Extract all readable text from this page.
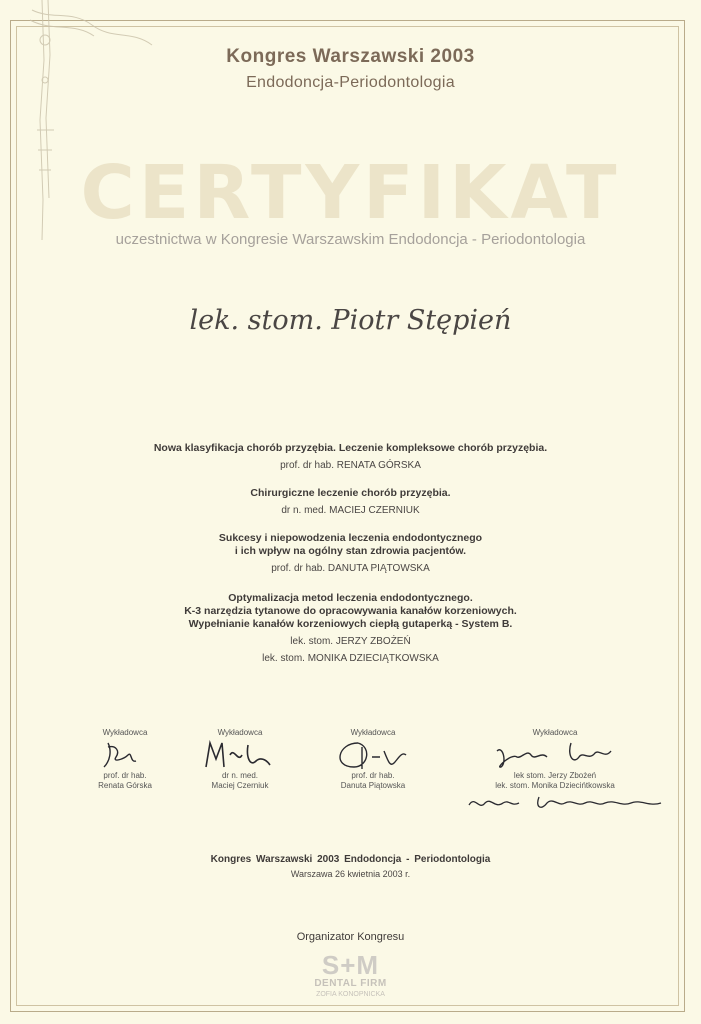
Kongres Warszawski 2003
Endodoncja-Periodontologia
CERTYFIKAT
uczestnictwa w Kongresie Warszawskim Endodoncja - Periodontologia
lek. stom. Piotr Stępień
Nowa klasyfikacja chorób przyzębia. Leczenie kompleksowe chorób przyzębia.
prof. dr hab. RENATA GÓRSKA
Chirurgiczne leczenie chorób przyzębia.
dr n. med. MACIEJ CZERNIUK
Sukcesy i niepowodzenia leczenia endodontycznego
i ich wpływ na ogólny stan zdrowia pacjentów.
prof. dr hab. DANUTA PIĄTOWSKA
Optymalizacja metod leczenia endodontycznego.
K-3 narzędzia tytanowe do opracowywania kanałów korzeniowych.
Wypełnianie kanałów korzeniowych ciepłą gutaperką - System B.
lek. stom. JERZY ZBOŻEŃ
lek. stom. MONIKA DZIECIĄTKOWSKA
Wykładowca
prof. dr hab.
Renata Górska
Wykładowca
dr n. med.
Maciej Czerniuk
Wykładowca
prof. dr hab.
Danuta Piątowska
Wykładowca
lek stom. Jerzy Zbożeń
lek. stom. Monika Dziecińtkowska
Kongres Warszawski 2003 Endodoncja - Periodontologia
Warszawa 26 kwietnia 2003 r.
Organizator Kongresu
S+M
DENTAL FIRM
ZOFIA KONOPNICKA
